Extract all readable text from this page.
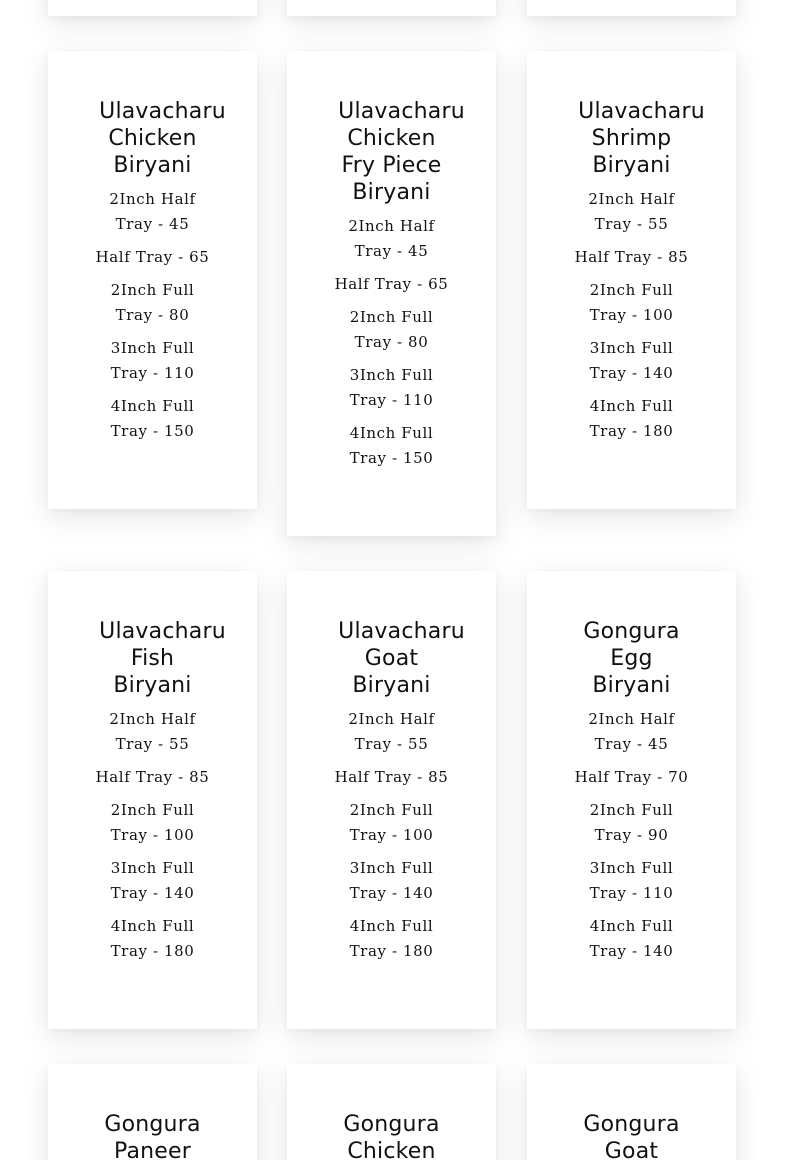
Ulavacharu
Chicken
Biryani
2Inch Half
Tray - 45
Half Tray - 65
2Inch Full
Tray - 80
3Inch Full
Tray - 110
4Inch Full
Tray - 150
Ulavacharu
Chicken
Fry Piece
Biryani
2Inch Half
Tray - 45
Half Tray - 65
2Inch Full
Tray - 80
3Inch Full
Tray - 110
4Inch Full
Tray - 150
Ulavacharu
Shrimp
Biryani
2Inch Half
Tray - 55
Half Tray - 85
2Inch Full
Tray - 100
3Inch Full
Tray - 140
4Inch Full
Tray - 180
Ulavacharu
Fish
Biryani
2Inch Half
Tray - 55
Half Tray - 85
2Inch Full
Tray - 100
3Inch Full
Tray - 140
4Inch Full
Tray - 180
Ulavacharu
Goat
Biryani
2Inch Half
Tray - 55
Half Tray - 85
2Inch Full
Tray - 100
3Inch Full
Tray - 140
4Inch Full
Tray - 180
Gongura
Egg
Biryani
2Inch Half
Tray - 45
Half Tray - 70
2Inch Full
Tray - 90
3Inch Full
Tray - 110
4Inch Full
Tray - 140
Gongura
Paneer
Gongura
Chicken
Gongura
Goat
